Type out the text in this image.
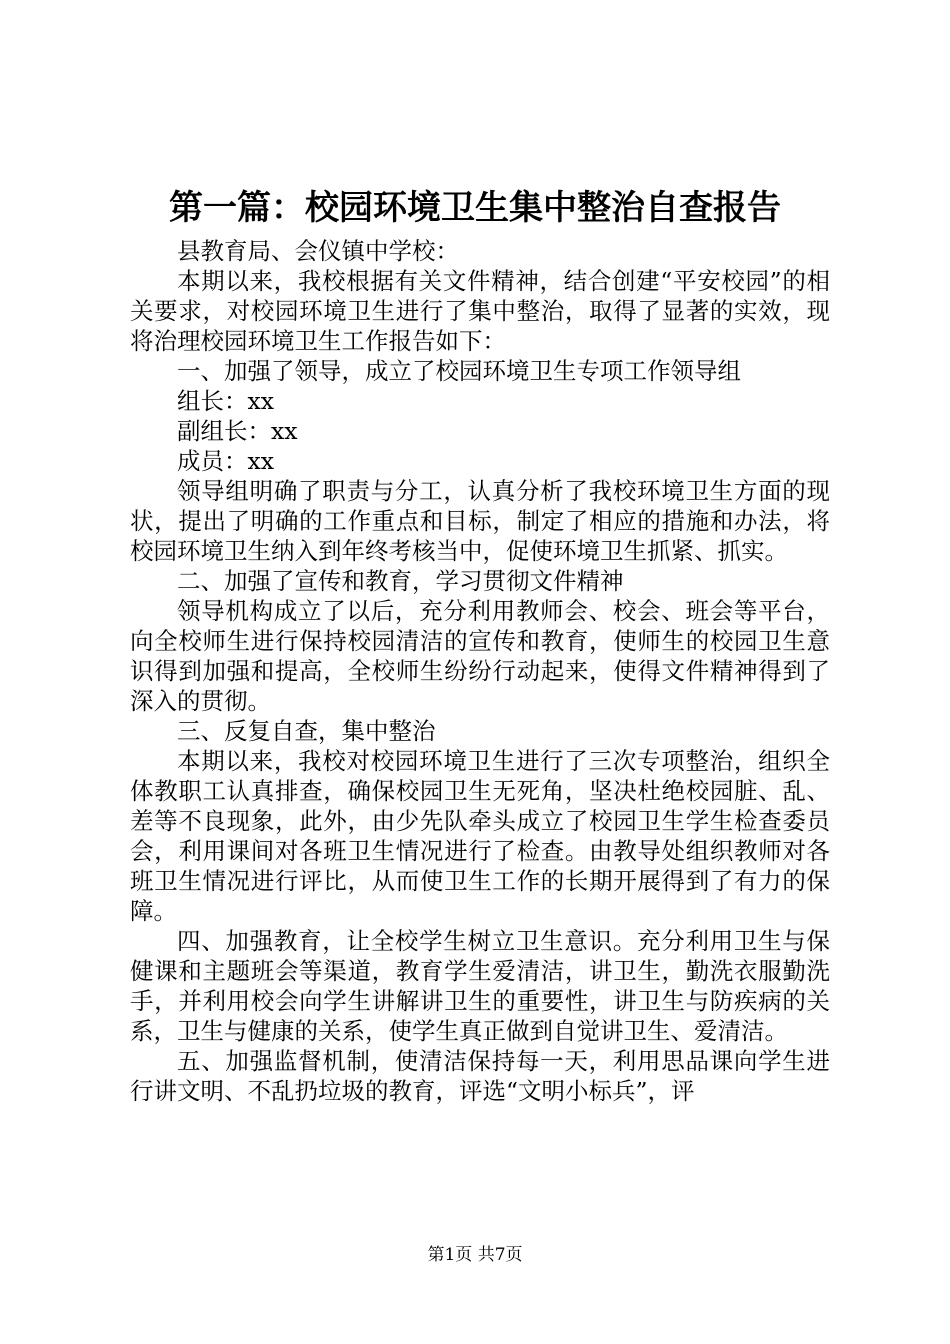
第一篇：校园环境卫生集中整治自查报告

县教育局、会仪镇中学校：

本期以来，我校根据有关文件精神，结合创建“平安校园”的相关要求，对校园环境卫生进行了集中整治，取得了显著的实效，现将治理校园环境卫生工作报告如下：

一、加强了领导，成立了校园环境卫生专项工作领导组

组长：xx

副组长：xx

成员：xx

领导组明确了职责与分工，认真分析了我校环境卫生方面的现状，提出了明确的工作重点和目标，制定了相应的措施和办法，将校园环境卫生纳入到年终考核当中，促使环境卫生抓紧、抓实。

二、加强了宣传和教育，学习贯彻文件精神

领导机构成立了以后，充分利用教师会、校会、班会等平台，向全校师生进行保持校园清洁的宣传和教育，使师生的校园卫生意识得到加强和提高，全校师生纷纷行动起来，使得文件精神得到了深入的贯彻。

三、反复自查，集中整治

本期以来，我校对校园环境卫生进行了三次专项整治，组织全体教职工认真排查，确保校园卫生无死角，坚决杜绝校园脏、乱、差等不良现象，此外，由少先队牵头成立了校园卫生学生检查委员会，利用课间对各班卫生情况进行了检查。由教导处组织教师对各班卫生情况进行评比，从而使卫生工作的长期开展得到了有力的保障。

四、加强教育，让全校学生树立卫生意识。充分利用卫生与保健课和主题班会等渠道，教育学生爱清洁，讲卫生，勤洗衣服勤洗手，并利用校会向学生讲解讲卫生的重要性，讲卫生与防疾病的关系，卫生与健康的关系，使学生真正做到自觉讲卫生、爱清洁。

五、加强监督机制，使清洁保持每一天，利用思品课向学生进行讲文明、不乱扔垃圾的教育，评选“文明小标兵”，评

第1页 共7页
